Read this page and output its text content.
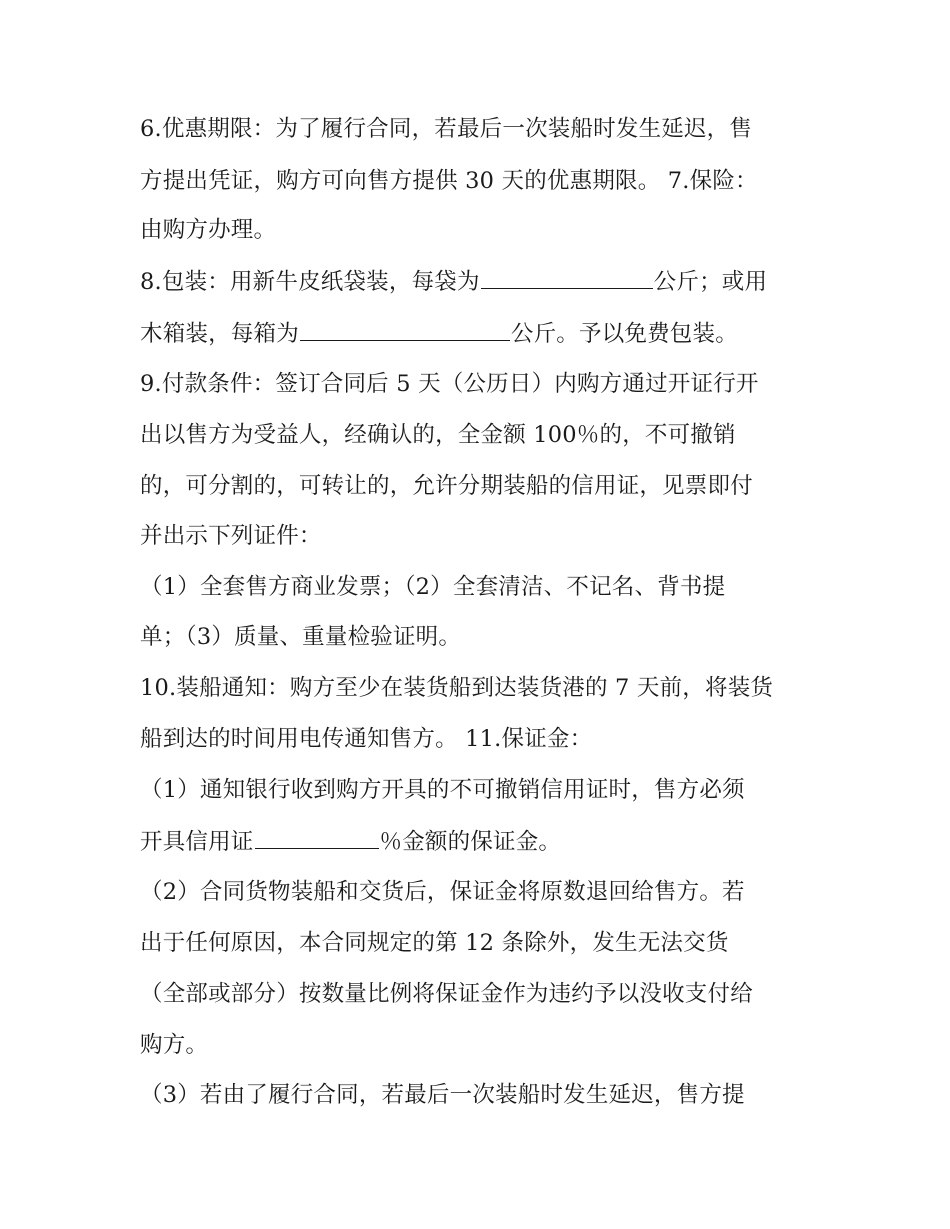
6.优惠期限：为了履行合同，若最后一次装船时发生延迟，售
方提出凭证，购方可向售方提供 30 天的优惠期限。 7.保险：
由购方办理。
8.包装：用新牛皮纸袋装，每袋为	公斤；或用
木箱装，每箱为	公斤。予以免费包装。
9.付款条件：签订合同后 5 天（公历日）内购方通过开证行开
出以售方为受益人，经确认的，全金额 100％的，不可撤销
的，可分割的，可转让的，允许分期装船的信用证，见票即付
并出示下列证件：
（1）全套售方商业发票；（2）全套清洁、不记名、背书提
单；（3）质量、重量检验证明。
10.装船通知：购方至少在装货船到达装货港的 7 天前，将装货
船到达的时间用电传通知售方。 11.保证金：
（1）通知银行收到购方开具的不可撤销信用证时，售方必须
开具信用证	％金额的保证金。
（2）合同货物装船和交货后，保证金将原数退回给售方。若
出于任何原因，本合同规定的第 12 条除外，发生无法交货
（全部或部分）按数量比例将保证金作为违约予以没收支付给
购方。
（3）若由了履行合同，若最后一次装船时发生延迟，售方提
